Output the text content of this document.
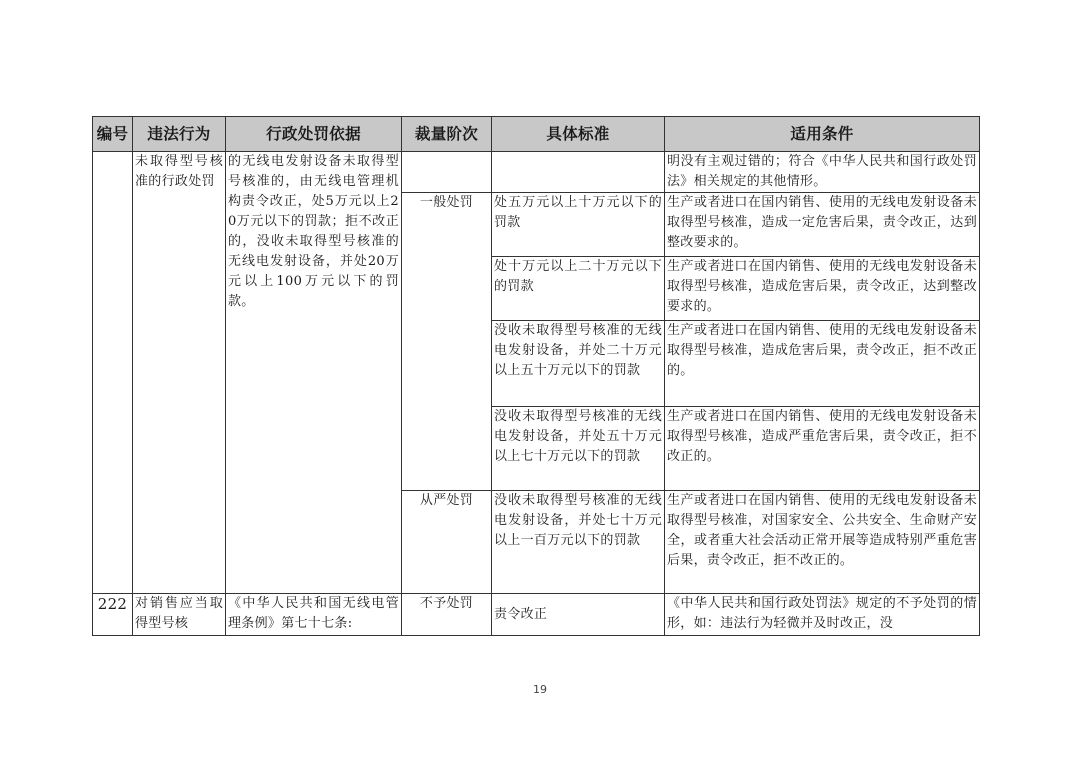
编号	违法行为	行政处罚依据	裁量阶次	具体标准	适用条件
	未取得型号核准的行政处罚	的无线电发射设备未取得型号核准的，由无线电管理机构责令改正，处5万元以上20万元以下的罚款；拒不改正的，没收未取得型号核准的无线电发射设备，并处20万元以上100万元以下的罚款。			明没有主观过错的；符合《中华人民共和国行政处罚法》相关规定的其他情形。
			一般处罚	处五万元以上十万元以下的罚款	生产或者进口在国内销售、使用的无线电发射设备未取得型号核准，造成一定危害后果，责令改正，达到整改要求的。
				处十万元以上二十万元以下的罚款	生产或者进口在国内销售、使用的无线电发射设备未取得型号核准，造成危害后果，责令改正，达到整改要求的。
				没收未取得型号核准的无线电发射设备，并处二十万元以上五十万元以下的罚款	生产或者进口在国内销售、使用的无线电发射设备未取得型号核准，造成危害后果，责令改正，拒不改正的。
				没收未取得型号核准的无线电发射设备，并处五十万元以上七十万元以下的罚款	生产或者进口在国内销售、使用的无线电发射设备未取得型号核准，造成严重危害后果，责令改正，拒不改正的。
			从严处罚	没收未取得型号核准的无线电发射设备，并处七十万元以上一百万元以下的罚款	生产或者进口在国内销售、使用的无线电发射设备未取得型号核准，对国家安全、公共安全、生命财产安全，或者重大社会活动正常开展等造成特别严重危害后果，责令改正，拒不改正的。
222	对销售应当取得型号核	《中华人民共和国无线电管理条例》第七十七条:	不予处罚	责令改正	《中华人民共和国行政处罚法》规定的不予处罚的情形，如：违法行为轻微并及时改正，没
19
